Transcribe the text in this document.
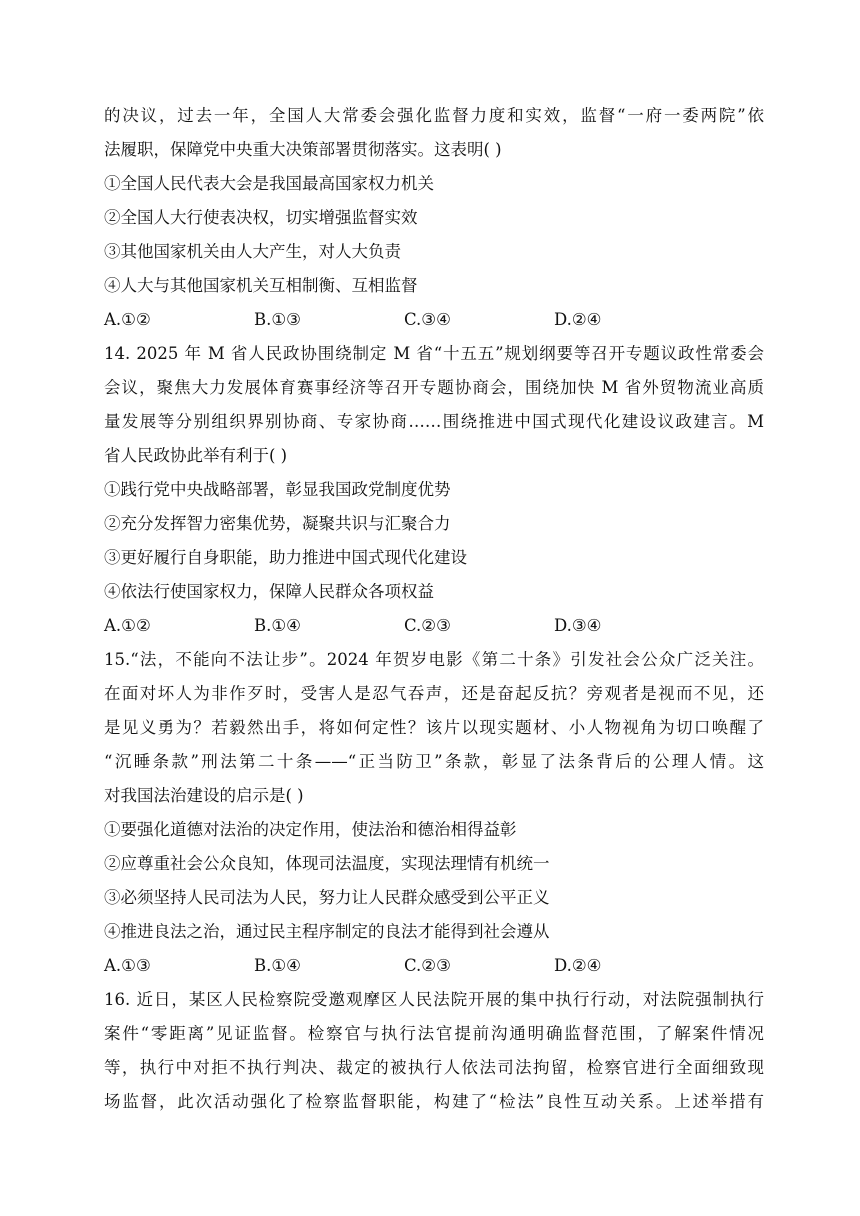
的决议，过去一年，全国人大常委会强化监督力度和实效，监督“一府一委两院”依
法履职，保障党中央重大决策部署贯彻落实。这表明( )
①全国人民代表大会是我国最高国家权力机关
②全国人大行使表决权，切实增强监督实效
③其他国家机关由人大产生，对人大负责
④人大与其他国家机关互相制衡、互相监督
A.①②	B.①③	C.③④	D.②④
14. 2025 年 M 省人民政协围绕制定 M 省“十五五”规划纲要等召开专题议政性常委会
会议，聚焦大力发展体育赛事经济等召开专题协商会，围绕加快 M 省外贸物流业高质
量发展等分别组织界别协商、专家协商……围绕推进中国式现代化建设议政建言。M
省人民政协此举有利于( )
①践行党中央战略部署，彰显我国政党制度优势
②充分发挥智力密集优势，凝聚共识与汇聚合力
③更好履行自身职能，助力推进中国式现代化建设
④依法行使国家权力，保障人民群众各项权益
A.①②	B.①④	C.②③	D.③④
15.“法，不能向不法让步”。2024 年贺岁电影《第二十条》引发社会公众广泛关注。
在面对坏人为非作歹时，受害人是忍气吞声，还是奋起反抗？旁观者是视而不见，还
是见义勇为？若毅然出手，将如何定性？该片以现实题材、小人物视角为切口唤醒了
“沉睡条款”刑法第二十条——“正当防卫”条款，彰显了法条背后的公理人情。这
对我国法治建设的启示是( )
①要强化道德对法治的决定作用，使法治和德治相得益彰
②应尊重社会公众良知，体现司法温度，实现法理情有机统一
③必须坚持人民司法为人民，努力让人民群众感受到公平正义
④推进良法之治，通过民主程序制定的良法才能得到社会遵从
A.①③	B.①④	C.②③	D.②④
16. 近日，某区人民检察院受邀观摩区人民法院开展的集中执行行动，对法院强制执行
案件“零距离”见证监督。检察官与执行法官提前沟通明确监督范围，了解案件情况
等，执行中对拒不执行判决、裁定的被执行人依法司法拘留，检察官进行全面细致现
场监督，此次活动强化了检察监督职能，构建了“检法”良性互动关系。上述举措有
